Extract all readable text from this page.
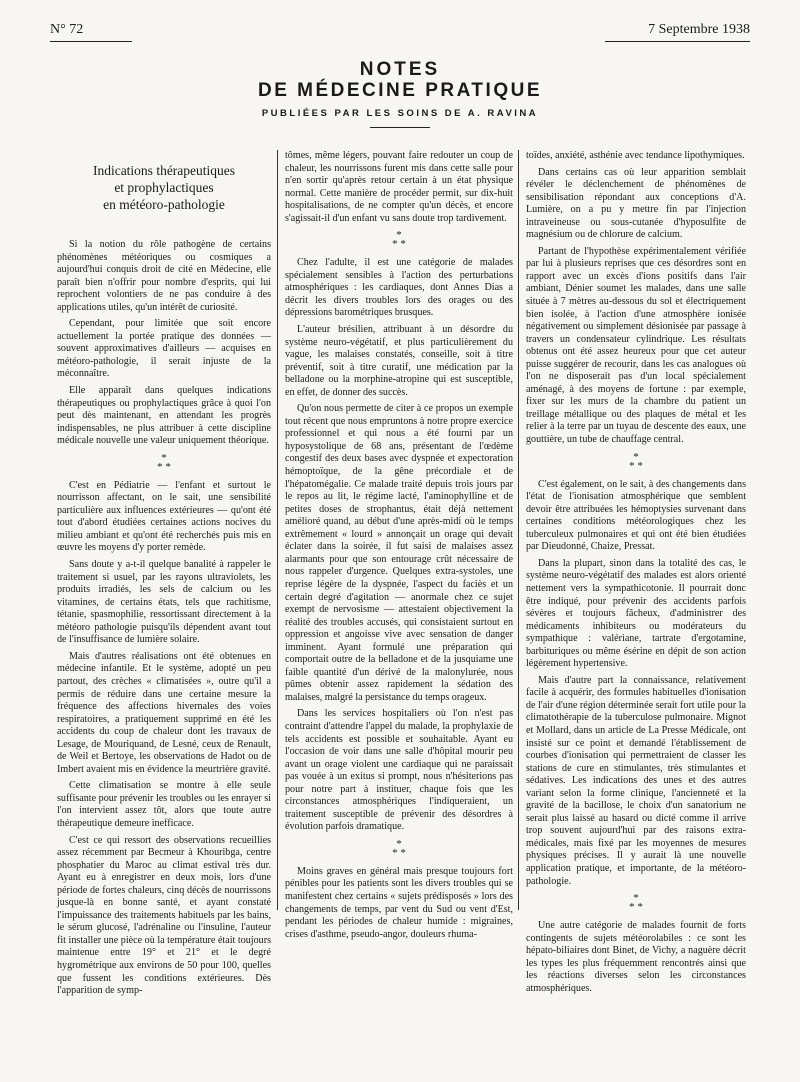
N° 72	7 Septembre 1938
NOTES
DE MÉDECINE PRATIQUE
PUBLIÉES PAR LES SOINS DE A. RAVINA
Indications thérapeutiques
et prophylactiques
en météoro-pathologie

Si la notion du rôle pathogène de certains phénomènes météoriques ou cosmiques a aujourd'hui conquis droit de cité en Médecine, elle paraît bien n'offrir pour nombre d'esprits, qui lui reprochent volontiers de ne pas conduire à des applications utiles, qu'un intérêt de curiosité.

Cependant, pour limitée que soit encore actuellement la portée pratique des données — souvent approximatives d'ailleurs — acquises en météoro-pathologie, il serait injuste de la méconnaître.

Elle apparaît dans quelques indications thérapeutiques ou prophylactiques grâce à quoi l'on peut dès maintenant, en attendant les progrès indispensables, ne plus attribuer à cette discipline médicale nouvelle une valeur uniquement théorique.

*
* *

C'est en Pédiatrie — l'enfant et surtout le nourrisson affectant, on le sait, une sensibilité particulière aux influences extérieures — qu'ont été tout d'abord étudiées certaines actions nocives du milieu ambiant et qu'ont été recherchés puis mis en œuvre les moyens d'y porter remède.

Sans doute y a-t-il quelque banalité à rappeler le traitement si usuel, par les rayons ultraviolets, les produits irradiés, les sels de calcium ou les vitamines, de certains états, tels que rachitisme, tétanie, spasmophilie, ressortissant directement à la météoro pathologie puisqu'ils dépendent avant tout de l'insuffisance de lumière solaire.

Mais d'autres réalisations ont été obtenues en médecine infantile. Et le système, adopté un peu partout, des crèches « climatisées », outre qu'il a permis de réduire dans une certaine mesure la fréquence des affections hivernales des voies respiratoires, a pratiquement supprimé en été les accidents du coup de chaleur dont les travaux de Lesage, de Mouriquand, de Lesné, ceux de Renault, de Weil et Bertoye, les observations de Hadot ou de Imbert avaient mis en évidence la meurtrière gravité.

Cette climatisation se montre à elle seule suffisante pour prévenir les troubles ou les enrayer si l'on intervient assez tôt, alors que toute autre thérapeutique demeure inefficace.

C'est ce qui ressort des observations recueillies assez récemment par Becmeur à Khouribga, centre phosphatier du Maroc au climat estival très dur. Ayant eu à enregistrer en deux mois, lors d'une période de fortes chaleurs, cinq décès de nourrissons jusque-là en bonne santé, et ayant constaté l'impuissance des traitements habituels par les bains, le sérum glucosé, l'adrénaline ou l'insuline, l'auteur fit installer une pièce où la température était toujours maintenue entre 19° et 21° et le degré hygrométrique aux environs de 50 pour 100, quelles que fussent les conditions extérieures. Dès l'apparition de symp-

tômes, même légers, pouvant faire redouter un coup de chaleur, les nourrissons furent mis dans cette salle pour n'en sortir qu'après retour certain à un état physique normal. Cette manière de procéder permit, sur dix-huit hospitalisations, de ne compter qu'un décès, et encore s'agissait-il d'un enfant vu sans doute trop tardivement.

*
* *

Chez l'adulte, il est une catégorie de malades spécialement sensibles à l'action des perturbations atmosphériques : les cardiaques, dont Annes Dias a décrit les divers troubles lors des orages ou des dépressions barométriques brusques.

L'auteur brésilien, attribuant à un désordre du système neuro-végétatif, et plus particulièrement du vague, les malaises constatés, conseille, soit à titre préventif, soit à titre curatif, une médication par la belladone ou la morphine-atropine qui est susceptible, en effet, de donner des succès.

Qu'on nous permette de citer à ce propos un exemple tout récent que nous empruntons à notre propre exercice professionnel et qui nous a été fourni par un hyposystolique de 68 ans, présentant de l'œdème congestif des deux bases avec dyspnée et expectoration hémoptoïque, de la gêne précordiale et de l'hépatomégalie. Ce malade traité depuis trois jours par le repos au lit, le régime lacté, l'aminophylline et de petites doses de strophantus, était déjà nettement amélioré quand, au début d'une après-midi où le temps extrêmement « lourd » annonçait un orage qui devait éclater dans la soirée, il fut saisi de malaises assez alarmants pour que son entourage crût nécessaire de nous rappeler d'urgence. Quelques extra-systoles, une reprise légère de la dyspnée, l'aspect du faciès et un certain degré d'agitation — anormale chez ce sujet exempt de nervosisme — attestaient objectivement la réalité des troubles accusés, qui consistaient surtout en oppression et angoisse vive avec sensation de danger imminent. Ayant formulé une préparation qui comportait outre de la belladone et de la jusquiame une faible quantité d'un dérivé de la malonylurée, nous pûmes obtenir assez rapidement la sédation des malaises, malgré la persistance du temps orageux.

Dans les services hospitaliers où l'on n'est pas contraint d'attendre l'appel du malade, la prophylaxie de tels accidents est possible et souhaitable. Ayant eu l'occasion de voir dans une salle d'hôpital mourir peu avant un orage violent une cardiaque qui ne paraissait pas vouée à un exitus si prompt, nous n'hésiterions pas pour notre part à instituer, chaque fois que les circonstances atmosphériques l'indiqueraient, un traitement susceptible de prévenir des désordres à évolution parfois dramatique.

*
* *

Moins graves en général mais presque toujours fort pénibles pour les patients sont les divers troubles qui se manifestent chez certains « sujets prédisposés » lors des changements de temps, par vent du Sud ou vent d'Est, pendant les périodes de chaleur humide : migraines, crises d'asthme, pseudo-angor, douleurs rhuma-

toïdes, anxiété, asthénie avec tendance lipothymiques.

Dans certains cas où leur apparition semblait révéler le déclenchement de phénomènes de sensibilisation répondant aux conceptions d'A. Lumière, on a pu y mettre fin par l'injection intraveineuse ou sous-cutanée d'hyposulfite de magnésium ou de chlorure de calcium.

Partant de l'hypothèse expérimentalement vérifiée par lui à plusieurs reprises que ces désordres sont en rapport avec un excès d'ions positifs dans l'air ambiant, Dénier soumet les malades, dans une salle située à 7 mètres au-dessous du sol et électriquement bien isolée, à l'action d'une atmosphère ionisée négativement ou simplement désionisée par passage à travers un condensateur cylindrique. Les résultats obtenus ont été assez heureux pour que cet auteur puisse suggérer de recourir, dans les cas analogues où l'on ne disposerait pas d'un local spécialement aménagé, à des moyens de fortune : par exemple, fixer sur les murs de la chambre du patient un treillage métallique ou des plaques de métal et les relier à la terre par un tuyau de descente des eaux, une gouttière, un tube de chauffage central.

*
* *

C'est également, on le sait, à des changements dans l'état de l'ionisation atmosphérique que semblent devoir être attribuées les hémoptysies survenant dans certaines conditions météorologiques chez les tuberculeux pulmonaires et qui ont été bien étudiées par Dieudonné, Chaize, Pressat.

Dans la plupart, sinon dans la totalité des cas, le système neuro-végétatif des malades est alors orienté nettement vers la sympathicotonie. Il pourrait donc être indiqué, pour prévenir des accidents parfois sévères et toujours fâcheux, d'administrer des médicaments inhibiteurs ou modérateurs du sympathique : valériane, tartrate d'ergotamine, barbituriques ou même ésérine en dépit de son action légèrement hypertensive.

Mais d'autre part la connaissance, relativement facile à acquérir, des formules habituelles d'ionisation de l'air d'une région déterminée serait fort utile pour la climatothérapie de la tuberculose pulmonaire. Mignot et Mollard, dans un article de La Presse Médicale, ont insisté sur ce point et demandé l'établissement de courbes d'ionisation qui permettraient de classer les stations de cure en stimulantes, très stimulantes et sédatives. Les indications des unes et des autres variant selon la forme clinique, l'ancienneté et la gravité de la bacillose, le choix d'un sanatorium ne serait plus laissé au hasard ou dicté comme il arrive trop souvent aujourd'hui par des raisons extra-médicales, mais fixé par les moyennes de mesures physiques précises. Il y aurait là une nouvelle application pratique, et importante, de la météoro-pathologie.

*
* *

Une autre catégorie de malades fournit de forts contingents de sujets météorolabiles : ce sont les hépato-biliaires dont Binet, de Vichy, a naguère décrit les types les plus fréquemment rencontrés ainsi que les réactions diverses selon les circonstances atmosphériques.
